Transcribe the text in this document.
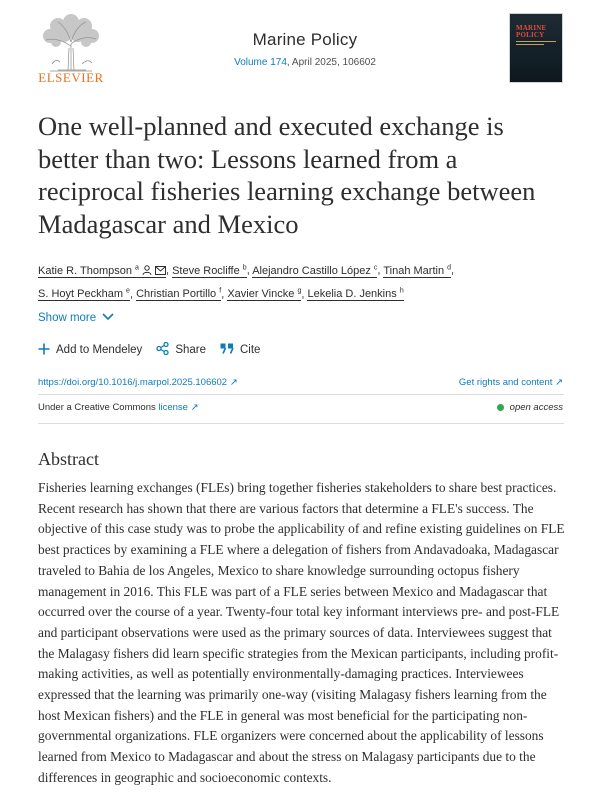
ELSEVIER
Marine Policy
Volume 174, April 2025, 106602
MARINE POLICY
One well-planned and executed exchange is better than two: Lessons learned from a reciprocal fisheries learning exchange between Madagascar and Mexico
Katie R. Thompson $^a$ , Steve Rocliffe $^b$, Alejandro Castillo López $^c$, Tinah Martin $^d$,
S. Hoyt Peckham $^e$, Christian Portillo $^f$, Xavier Vincke $^g$, Lekelia D. Jenkins $^h$
Show more
Add to Mendeley	Share	Cite
https://doi.org/10.1016/j.marpol.2025.106602 ↗	Get rights and content ↗
Under a Creative Commons license ↗	open access
Abstract

Fisheries learning exchanges (FLEs) bring together fisheries stakeholders to share best practices. Recent research has shown that there are various factors that determine a FLE's success. The objective of this case study was to probe the applicability of and refine existing guidelines on FLE best practices by examining a FLE where a delegation of fishers from Andavadoaka, Madagascar traveled to Bahia de los Angeles, Mexico to share knowledge surrounding octopus fishery management in 2016. This FLE was part of a FLE series between Mexico and Madagascar that occurred over the course of a year. Twenty-four total key informant interviews pre- and post-FLE and participant observations were used as the primary sources of data. Interviewees suggest that the Malagasy fishers did learn specific strategies from the Mexican participants, including profit-making activities, as well as potentially environmentally-damaging practices. Interviewees expressed that the learning was primarily one-way (visiting Malagasy fishers learning from the host Mexican fishers) and the FLE in general was most beneficial for the participating non-governmental organizations. FLE organizers were concerned about the applicability of lessons learned from Mexico to Madagascar and about the stress on Malagasy participants due to the differences in geographic and socioeconomic contexts.
